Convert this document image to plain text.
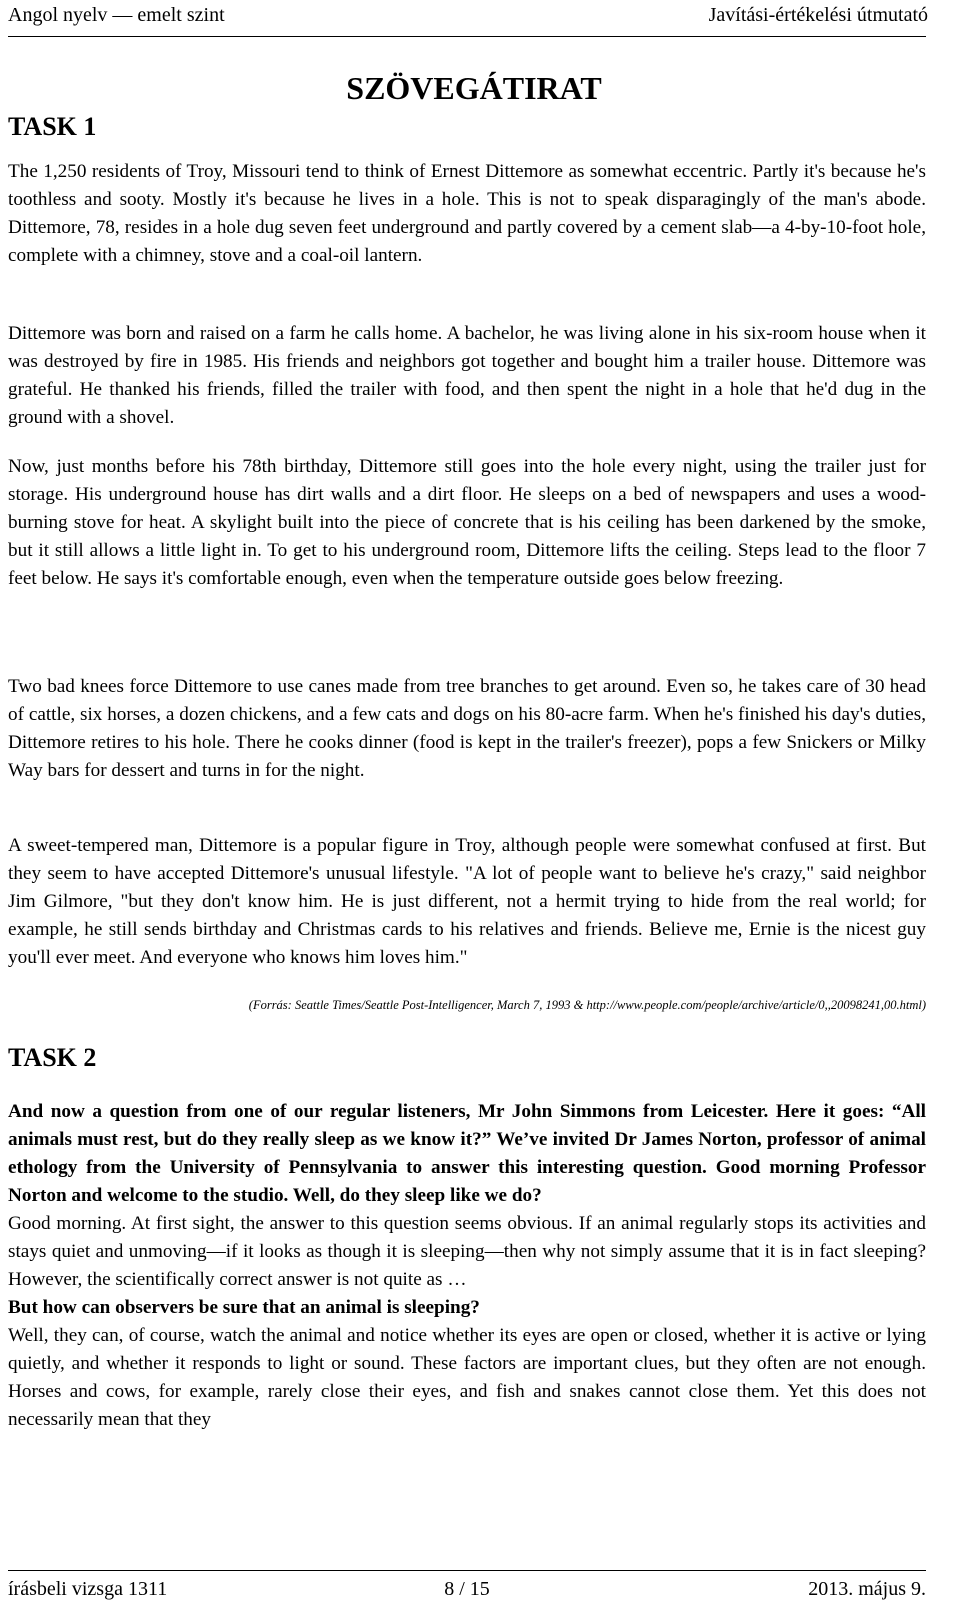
Angol nyelv — emelt szint	Javítási-értékelési útmutató
SZÖVEGÁTIRAT
TASK 1

The 1,250 residents of Troy, Missouri tend to think of Ernest Dittemore as somewhat eccentric. Partly it's because he's toothless and sooty. Mostly it's because he lives in a hole. This is not to speak disparagingly of the man's abode. Dittemore, 78, resides in a hole dug seven feet underground and partly covered by a cement slab—a 4-by-10-foot hole, complete with a chimney, stove and a coal-oil lantern.

Dittemore was born and raised on a farm he calls home. A bachelor, he was living alone in his six-room house when it was destroyed by fire in 1985. His friends and neighbors got together and bought him a trailer house. Dittemore was grateful. He thanked his friends, filled the trailer with food, and then spent the night in a hole that he'd dug in the ground with a shovel.

Now, just months before his 78th birthday, Dittemore still goes into the hole every night, using the trailer just for storage. His underground house has dirt walls and a dirt floor. He sleeps on a bed of newspapers and uses a wood-burning stove for heat. A skylight built into the piece of concrete that is his ceiling has been darkened by the smoke, but it still allows a little light in. To get to his underground room, Dittemore lifts the ceiling. Steps lead to the floor 7 feet below. He says it's comfortable enough, even when the temperature outside goes below freezing.

Two bad knees force Dittemore to use canes made from tree branches to get around. Even so, he takes care of 30 head of cattle, six horses, a dozen chickens, and a few cats and dogs on his 80-acre farm. When he's finished his day's duties, Dittemore retires to his hole. There he cooks dinner (food is kept in the trailer's freezer), pops a few Snickers or Milky Way bars for dessert and turns in for the night.

A sweet-tempered man, Dittemore is a popular figure in Troy, although people were somewhat confused at first. But they seem to have accepted Dittemore's unusual lifestyle. "A lot of people want to believe he's crazy," said neighbor Jim Gilmore, "but they don't know him. He is just different, not a hermit trying to hide from the real world; for example, he still sends birthday and Christmas cards to his relatives and friends. Believe me, Ernie is the nicest guy you'll ever meet. And everyone who knows him loves him."

(Forrás: Seattle Times/Seattle Post-Intelligencer, March 7, 1993 & http://www.people.com/people/archive/article/0,,20098241,00.html)

TASK 2

And now a question from one of our regular listeners, Mr John Simmons from Leicester. Here it goes: “All animals must rest, but do they really sleep as we know it?” We’ve invited Dr James Norton, professor of animal ethology from the University of Pennsylvania to answer this interesting question. Good morning Professor Norton and welcome to the studio. Well, do they sleep like we do?

Good morning. At first sight, the answer to this question seems obvious. If an animal regularly stops its activities and stays quiet and unmoving—if it looks as though it is sleeping—then why not simply assume that it is in fact sleeping? However, the scientifically correct answer is not quite as …

But how can observers be sure that an animal is sleeping?

Well, they can, of course, watch the animal and notice whether its eyes are open or closed, whether it is active or lying quietly, and whether it responds to light or sound. These factors are important clues, but they often are not enough. Horses and cows, for example, rarely close their eyes, and fish and snakes cannot close them. Yet this does not necessarily mean that they

írásbeli vizsga 1311	8 / 15	2013. május 9.
